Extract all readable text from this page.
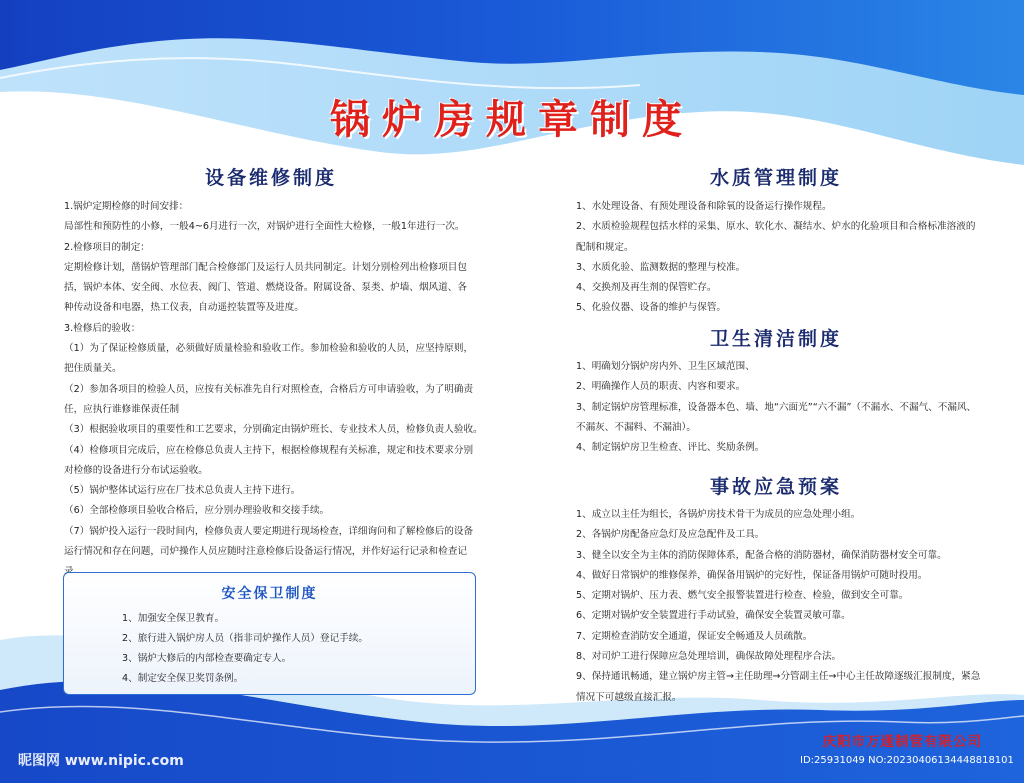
锅炉房规章制度
设备维修制度
1.锅炉定期检修的时间安排：
局部性和预防性的小修，一般4~6月进行一次，对锅炉进行全面性大检修，一般1年进行一次。
2.检修项目的制定：
定期检修计划，凿锅炉管理部门配合检修部门及运行人员共同制定。计划分别检列出检修项目包
括，锅炉本体、安全阀、水位表、阀门、管道、燃烧设备。附属设备、泵类、炉墙、烟风道、各
种传动设备和电器，热工仪表，自动遥控装置等及进度。
3.检修后的验收：
（1）为了保证检修质量，必须做好质量检验和验收工作。参加检验和验收的人员，应坚持原则，
把住质量关。
（2）参加各项目的检验人员，应按有关标准先自行对照检查，合格后方可申请验收，为了明确责
任，应执行谁修谁保责任制
（3）根据验收项目的重要性和工艺要求，分别确定由锅炉班长、专业技术人员，检修负责人验收。
（4）检修项目完成后，应在检修总负责人主持下，根据检修规程有关标准，规定和技术要求分别
对检修的设备进行分布试运验收。
（5）锅炉整体试运行应在厂技术总负责人主持下进行。
（6）全部检修项目验收合格后，应分别办理验收和交接手续。
（7）锅炉投入运行一段时间内，检修负责人要定期进行现场检查，详细询问和了解检修后的设备
运行情况和存在问题，司炉操作人员应随时注意检修后设备运行情况，并作好运行记录和检查记
安全保卫制度
1、加强安全保卫教育。
2、旅行进入锅炉房人员（指非司炉操作人员）登记手续。
3、锅炉大修后的内部检查要确定专人。
4、制定安全保卫奖罚条例。
水质管理制度
1、水处理设备、有预处理设备和除氧的设备运行操作规程。
2、水质检验规程包括水样的采集、原水、软化水、凝结水、炉水的化验项目和合格标准溶液的
配制和规定。
3、水质化验、监测数据的整理与校准。
4、交换剂及再生剂的保管贮存。
5、化验仪器、设备的维护与保管。
卫生清洁制度
1、明确划分锅炉房内外、卫生区域范围、
2、明确操作人员的职责、内容和要求。
3、制定锅炉房管理标准，设备器本色、墙、地“六面光”“六不漏”（不漏水、不漏气、不漏风、
不漏灰、不漏料、不漏油）。
4、制定锅炉房卫生检查、评比、奖励条例。
事故应急预案
1、成立以主任为组长，各锅炉房技术骨干为成员的应急处理小组。
2、各锅炉房配备应急灯及应急配件及工具。
3、健全以安全为主体的消防保障体系，配备合格的消防器材，确保消防器材安全可靠。
4、做好日常锅炉的维修保养，确保备用锅炉的完好性，保证备用锅炉可随时投用。
5、定期对锅炉、压力表、燃气安全报警装置进行检查、检验，做到安全可靠。
6、定期对锅炉安全装置进行手动试验，确保安全装置灵敏可靠。
7、定期检查消防安全通道，保证安全畅通及人员疏散。
8、对司炉工进行保障应急处理培训，确保故障处理程序合法。
9、保持通讯畅通，建立锅炉房主管→主任助理→分管副主任→中心主任故障逐级汇报制度，紧急
情况下可越级直接汇报。
庆阳市万通制管有限公司
昵图网 www.nipic.com	ID:25931049 NO:20230406134448818101
